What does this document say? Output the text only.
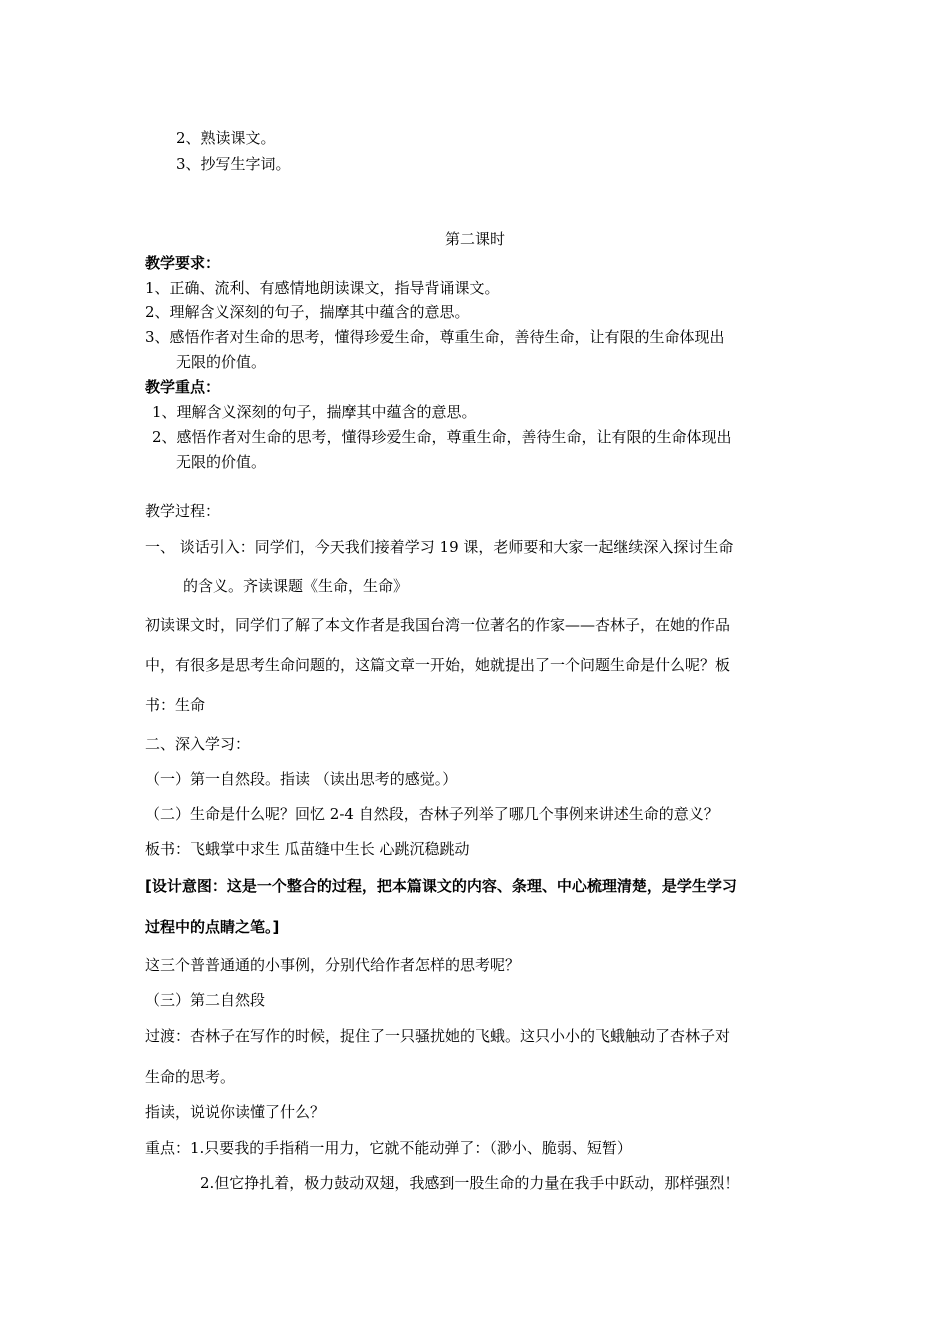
2、熟读课文。
3、抄写生字词。
第二课时
教学要求：
1、正确、流利、有感情地朗读课文，指导背诵课文。
2、理解含义深刻的句子，揣摩其中蕴含的意思。
3、感悟作者对生命的思考，懂得珍爱生命，尊重生命，善待生命，让有限的生命体现出
无限的价值。
教学重点：
1、理解含义深刻的句子，揣摩其中蕴含的意思。
2、感悟作者对生命的思考，懂得珍爱生命，尊重生命，善待生命，让有限的生命体现出
无限的价值。
教学过程：
一、 谈话引入：同学们，今天我们接着学习 19 课，老师要和大家一起继续深入探讨生命
的含义。齐读课题《生命，生命》
初读课文时，同学们了解了本文作者是我国台湾一位著名的作家——杏林子，在她的作品
中，有很多是思考生命问题的，这篇文章一开始，她就提出了一个问题生命是什么呢？板
书：生命
二、深入学习：
（一）第一自然段。指读 （读出思考的感觉。）
（二）生命是什么呢？回忆 2-4 自然段，杏林子列举了哪几个事例来讲述生命的意义？
板书：飞蛾掌中求生 瓜苗缝中生长 心跳沉稳跳动
[设计意图：这是一个整合的过程，把本篇课文的内容、条理、中心梳理清楚，是学生学习
过程中的点睛之笔。]
这三个普普通通的小事例，分别代给作者怎样的思考呢？
（三）第二自然段
过渡：杏林子在写作的时候，捉住了一只骚扰她的飞蛾。这只小小的飞蛾触动了杏林子对
生命的思考。
指读，说说你读懂了什么？
重点：1.只要我的手指稍一用力，它就不能动弹了：（渺小、脆弱、短暂）
2.但它挣扎着，极力鼓动双翅，我感到一股生命的力量在我手中跃动，那样强烈！
